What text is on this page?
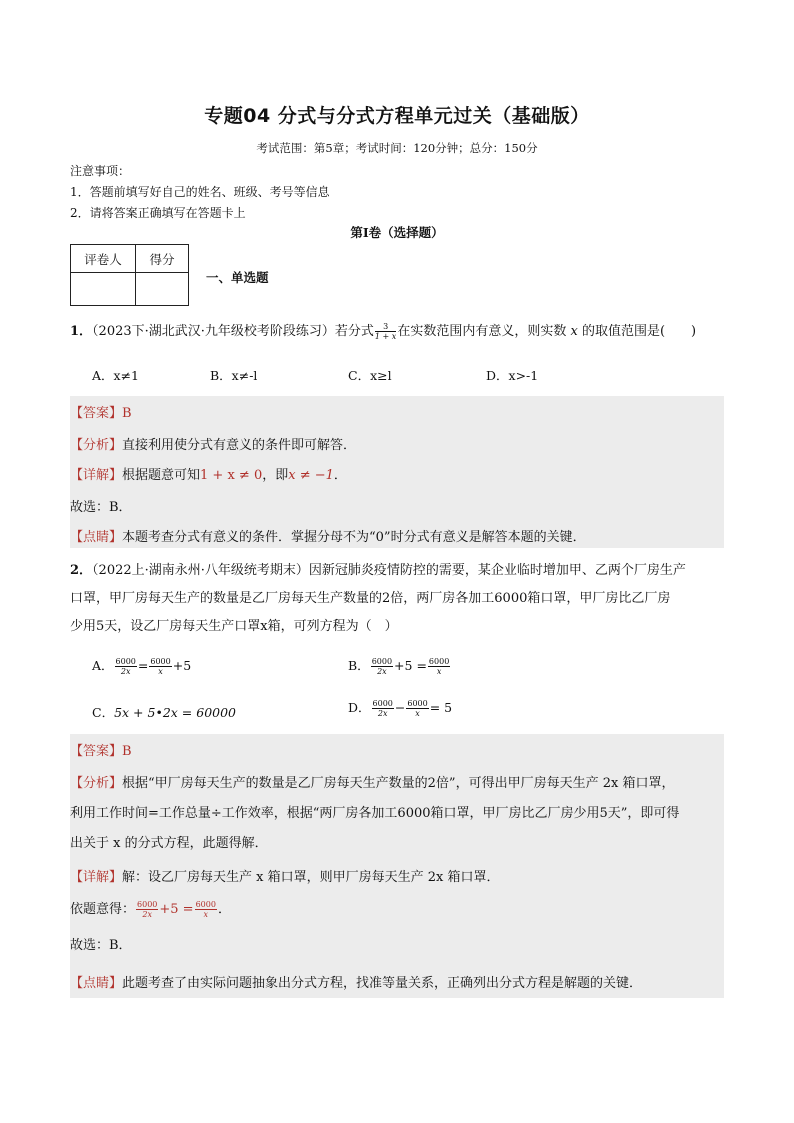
专题04 分式与分式方程单元过关（基础版）
考试范围：第5章；考试时间：120分钟；总分：150分
注意事项：
1．答题前填写好自己的姓名、班级、考号等信息
2．请将答案正确填写在答题卡上
第I卷（选择题）
评卷人	得分

一、单选题
1．（2023下·湖北武汉·九年级校考阶段练习）若分式 $\frac{3}{1 + x}$ 在实数范围内有意义，则实数 x 的取值范围是(　　)
A．x≠1	B．x≠-l	C．x≥l	D．x>-1
【答案】B
【分析】直接利用使分式有意义的条件即可解答．
【详解】根据题意可知1 + x ≠ 0，即x ≠ −1．
故选：B．
【点睛】本题考查分式有意义的条件．掌握分母不为“0”时分式有意义是解答本题的关键．
2．（2022上·湖南永州·八年级统考期末）因新冠肺炎疫情防控的需要，某企业临时增加甲、乙两个厂房生产
口罩，甲厂房每天生产的数量是乙厂房每天生产数量的2倍，两厂房各加工6000箱口罩，甲厂房比乙厂房
少用5天，设乙厂房每天生产口罩x箱，可列方程为（　）
A． $\frac{6000}{2x} = \frac{6000}{x} +5$	B． $\frac{6000}{2x} +5 = \frac{6000}{x}$
C．5x + 5•2x = 60000	D． $\frac{6000}{2x} - \frac{6000}{x} = 5$
【答案】B
【分析】根据“甲厂房每天生产的数量是乙厂房每天生产数量的2倍”，可得出甲厂房每天生产 2x 箱口罩，
利用工作时间=工作总量÷工作效率，根据“两厂房各加工6000箱口罩，甲厂房比乙厂房少用5天”，即可得
出关于 x 的分式方程，此题得解．
【详解】解：设乙厂房每天生产 x 箱口罩，则甲厂房每天生产 2x 箱口罩．
依题意得： $\frac{6000}{2x} +5 = \frac{6000}{x}$ ．
故选：B．
【点睛】此题考查了由实际问题抽象出分式方程，找准等量关系，正确列出分式方程是解题的关键．
